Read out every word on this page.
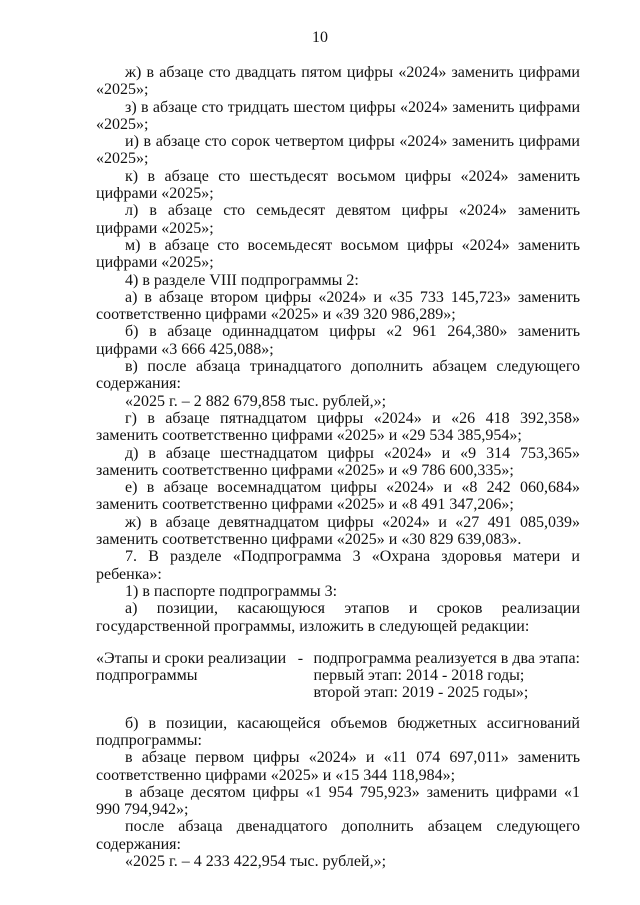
10

ж) в абзаце сто двадцать пятом цифры «2024» заменить цифрами «2025»;

з) в абзаце сто тридцать шестом цифры «2024» заменить цифрами «2025»;

и) в абзаце сто сорок четвертом цифры «2024» заменить цифрами «2025»;

к) в абзаце сто шестьдесят восьмом цифры «2024» заменить цифрами «2025»;

л) в абзаце сто семьдесят девятом цифры «2024» заменить цифрами «2025»;

м) в абзаце сто восемьдесят восьмом цифры «2024» заменить цифрами «2025»;

4) в разделе VIII подпрограммы 2:

а) в абзаце втором цифры «2024» и «35 733 145,723» заменить соответственно цифрами «2025» и «39 320 986,289»;

б) в абзаце одиннадцатом цифры «2 961 264,380» заменить цифрами «3 666 425,088»;

в) после абзаца тринадцатого дополнить абзацем следующего содержания:

«2025 г. – 2 882 679,858 тыс. рублей,»;

г) в абзаце пятнадцатом цифры «2024» и «26 418 392,358» заменить соответственно цифрами «2025» и «29 534 385,954»;

д) в абзаце шестнадцатом цифры «2024» и «9 314 753,365» заменить соответственно цифрами «2025» и «9 786 600,335»;

е) в абзаце восемнадцатом цифры «2024» и «8 242 060,684» заменить соответственно цифрами «2025» и «8 491 347,206»;

ж) в абзаце девятнадцатом цифры «2024» и «27 491 085,039» заменить соответственно цифрами «2025» и «30 829 639,083».

7. В разделе «Подпрограмма 3 «Охрана здоровья матери и ребенка»:

1) в паспорте подпрограммы 3:

а) позиции, касающуюся этапов и сроков реализации государственной программы, изложить в следующей редакции:

«Этапы и сроки реализации подпрограммы
- подпрограмма реализуется в два этапа:
первый этап: 2014 - 2018 годы;
второй этап: 2019 - 2025 годы»;

б) в позиции, касающейся объемов бюджетных ассигнований подпрограммы:

в абзаце первом цифры «2024» и «11 074 697,011» заменить соответственно цифрами «2025» и «15 344 118,984»;

в абзаце десятом цифры «1 954 795,923» заменить цифрами «1 990 794,942»;

после абзаца двенадцатого дополнить абзацем следующего содержания:

«2025 г. – 4 233 422,954 тыс. рублей,»;
